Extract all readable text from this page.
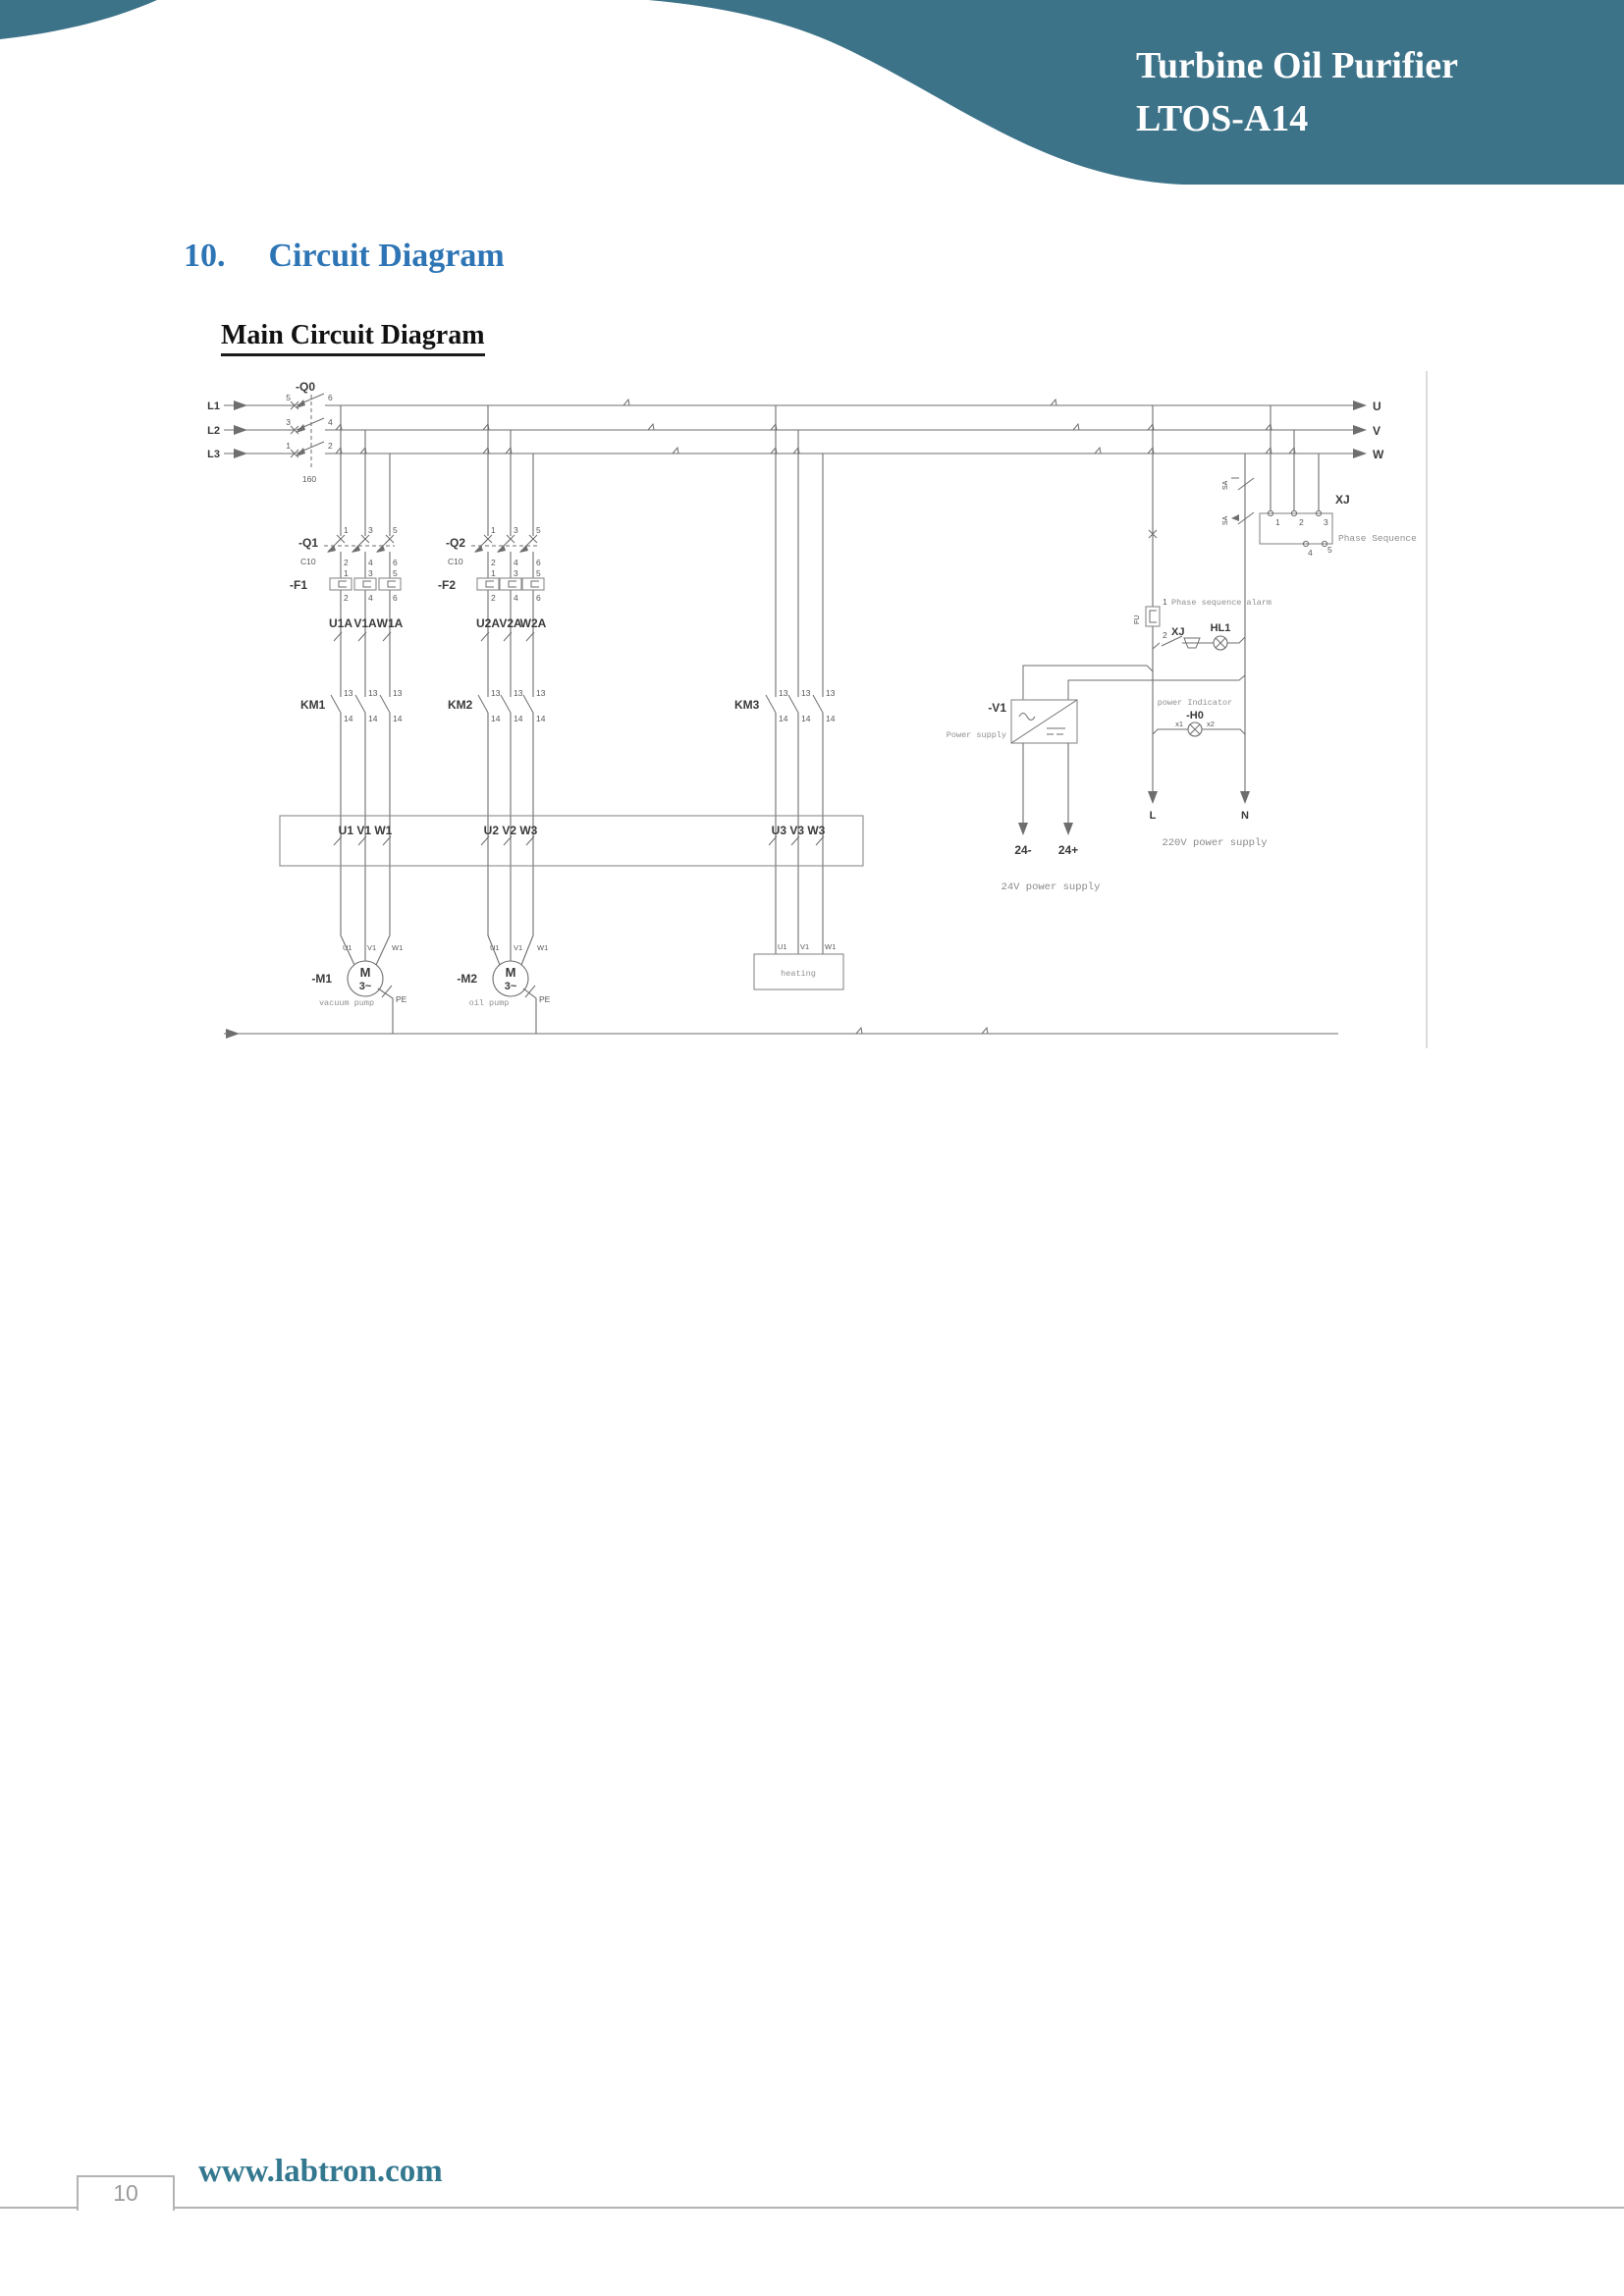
Turbine Oil Purifier
LTOS-A14
10. Circuit Diagram
Main Circuit Diagram
L1
L2
L3
U
V
W
-Q0
5	6
3	4
1	2
160
-Q1
C10
1 3 5
2 4 6
-F1
1 3 5
2 4 6
U1A V1A W1A
-Q2
C10
1 3 5
2 4 6
-F2
1 3 5
2 4 6
U2A V2A
W2A
KM1
13 13 13
14 14 14
KM2
13 13 13
14 14 14
KM3
13 13 13
14 14 14
U1 V1 W1	U2 V2 W3	U3 V3 W3
U1 V1 W1
-M1 M
3~
vacuum pump	PE
U1 V1 W1
-M2 M
3~
oil pump	PE
U1 V1 W1
heating
1 2 3
4 5
XJ
Phase Sequence
FU
1
2
Phase sequence alarm
XJ HL1
L
SA
SA
N
220V power supply
x1	x2
-H0
power Indicator
-V1
Power supply
24- 24+
24V power supply
10
www.labtron.com
